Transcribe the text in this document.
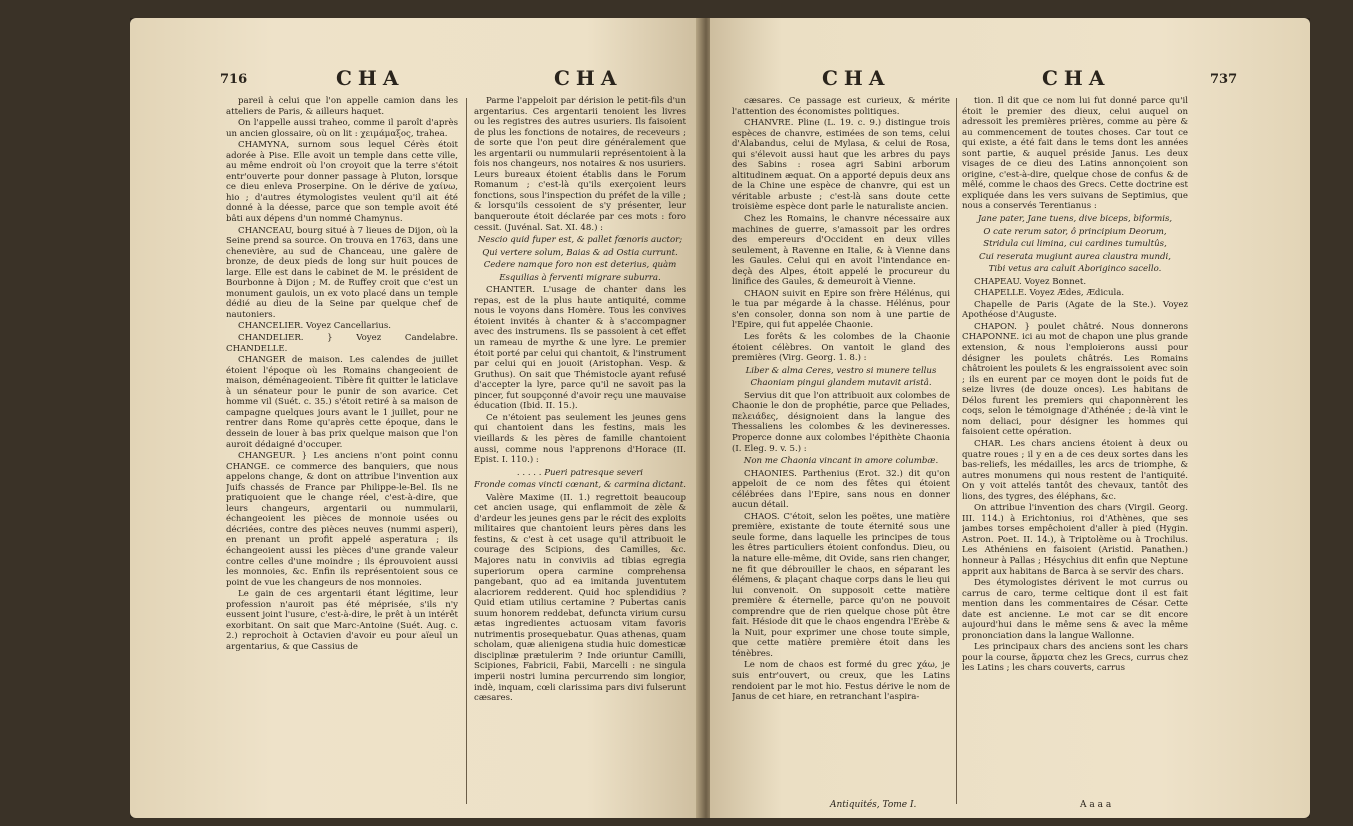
716	CHA	CHA

pareil à celui que l'on appelle camion dans les atteliers de Paris, & ailleurs haquet.

On l'appelle aussi traheo, comme il paroît d'après un ancien glossaire, où on lit : χειμάμαξος, trahea.

CHAMYNA, surnom sous lequel Cérès étoit adorée à Pise. Elle avoit un temple dans cette ville, au même endroit où l'on croyoit que la terre s'étoit entr'ouverte pour donner passage à Pluton, lorsque ce dieu enleva Proserpine. On le dérive de χαίνω, hio ; d'autres étymologistes veulent qu'il ait été donné à la déesse, parce que son temple avoit été bâti aux dépens d'un nommé Chamynus.

CHANCEAU, bourg situé à 7 lieues de Dijon, où la Seine prend sa source. On trouva en 1763, dans une chenevière, au sud de Chanceau, une galère de bronze, de deux pieds de long sur huit pouces de large. Elle est dans le cabinet de M. le président de Bourbonne à Dijon ; M. de Ruffey croit que c'est un monument gaulois, un ex voto placé dans un temple dédié au dieu de la Seine par quelque chef de nautoniers.

CHANCELIER. Voyez Cancellarius.

CHANDELIER. } Voyez Candelabre. CHANDELLE.

CHANGER de maison. Les calendes de juillet étoient l'époque où les Romains changeoient de maison, déménageoient. Tibère fit quitter le laticlave à un sénateur pour le punir de son avarice. Cet homme vil (Suét. c. 35.) s'étoit retiré à sa maison de campagne quelques jours avant le 1 juillet, pour ne rentrer dans Rome qu'après cette époque, dans le dessein de louer à bas prix quelque maison que l'on auroit dédaigné d'occuper.

CHANGEUR. } Les anciens n'ont point connu CHANGE. ce commerce des banquiers, que nous appelons change, & dont on attribue l'invention aux Juifs chassés de France par Philippe-le-Bel. Ils ne pratiquoient que le change réel, c'est-à-dire, que leurs changeurs, argentarii ou nummularii, échangeoient les pièces de monnoie usées ou décriées, contre des pièces neuves (nummi asperi), en prenant un profit appelé asperatura ; ils échangeoient aussi les pièces d'une grande valeur contre celles d'une moindre ; ils éprouvoient aussi les monnoies, &c. Enfin ils représentoient sous ce point de vue les changeurs de nos monnoies.

Le gain de ces argentarii étant légitime, leur profession n'auroit pas été méprisée, s'ils n'y eussent joint l'usure, c'est-à-dire, le prêt à un intérêt exorbitant. On sait que Marc-Antoine (Suét. Aug. c. 2.) reprochoit à Octavien d'avoir eu pour aïeul un argentarius, & que Cassius de

Parme l'appeloit par dérision le petit-fils d'un argentarius. Ces argentarii tenoient les livres ou les registres des autres usuriers. Ils faisoient de plus les fonctions de notaires, de receveurs ; de sorte que l'on peut dire généralement que les argentarii ou nummularii représentoient à la fois nos changeurs, nos notaires & nos usuriers. Leurs bureaux étoient établis dans le Forum Romanum ; c'est-là qu'ils exerçoient leurs fonctions, sous l'inspection du préfet de la ville ; & lorsqu'ils cessoient de s'y présenter, leur banqueroute étoit déclarée par ces mots : foro cessit. (Juvénal. Sat. XI. 48.) :

Nescio quid fuper est, & pallet fœnoris auctor;

Qui vertere solum, Baias & ad Ostia currunt.

Cedere namque foro non est deterius, quàm

Esquilias à ferventi migrare suburra.

CHANTER. L'usage de chanter dans les repas, est de la plus haute antiquité, comme nous le voyons dans Homère. Tous les convives étoient invités à chanter & à s'accompagner avec des instrumens. Ils se passoient à cet effet un rameau de myrthe & une lyre. Le premier étoit porté par celui qui chantoit, & l'instrument par celui qui en jouoit (Aristophan. Vesp. & Gruthus). On sait que Thémistocle ayant refusé d'accepter la lyre, parce qu'il ne savoit pas la pincer, fut soupçonné d'avoir reçu une mauvaise éducation (Ibid. II. 15.).

Ce n'étoient pas seulement les jeunes gens qui chantoient dans les festins, mais les vieillards & les pères de famille chantoient aussi, comme nous l'apprenons d'Horace (II. Epist. I. 110.) :

. . . . . Pueri patresque severi

Fronde comas vincti cœnant, & carmina dictant.

Valère Maxime (II. 1.) regrettoit beaucoup cet ancien usage, qui enflammoit de zèle & d'ardeur les jeunes gens par le récit des exploits militaires que chantoient leurs pères dans les festins, & c'est à cet usage qu'il attribuoit le courage des Scipions, des Camilles, &c. Majores natu in conviviis ad tibias egregia superiorum opera carmine comprehensa pangebant, quo ad ea imitanda juventutem alacriorem redderent. Quid hoc splendidius ? Quid etiam utilius certamine ? Pubertas canis suum honorem reddebat, defuncta virium cursu ætas ingredientes actuosam vitam favoris nutrimentis prosequebatur. Quas athenas, quam scholam, quæ alienigena studia huic domesticæ disciplinæ prætulerim ? Inde oriuntur Camilli, Scipiones, Fabricii, Fabii, Marcelli : ne singula imperii nostri lumina percurrendo sim longior, indè, inquam, cœli clarissima pars divi fulserunt cæsares.

CHA	CHA	737

cæsares. Ce passage est curieux, & mérite l'attention des économistes politiques.

CHANVRE. Pline (L. 19. c. 9.) distingue trois espèces de chanvre, estimées de son tems, celui d'Alabandus, celui de Mylasa, & celui de Rosa, qui s'élevoit aussi haut que les arbres du pays des Sabins : rosea agri Sabini arborum altitudinem æquat. On a apporté depuis deux ans de la Chine une espèce de chanvre, qui est un véritable arbuste ; c'est-là sans doute cette troisième espèce dont parle le naturaliste ancien.

Chez les Romains, le chanvre nécessaire aux machines de guerre, s'amassoit par les ordres des empereurs d'Occident en deux villes seulement, à Ravenne en Italie, & à Vienne dans les Gaules. Celui qui en avoit l'intendance en-deçà des Alpes, étoit appelé le procureur du linifice des Gaules, & demeuroit à Vienne.

CHAON suivit en Epire son frère Hélénus, qui le tua par mégarde à la chasse. Hélénus, pour s'en consoler, donna son nom à une partie de l'Epire, qui fut appelée Chaonie.

Les forêts & les colombes de la Chaonie étoient célèbres. On vantoit le gland des premières (Virg. Georg. 1. 8.) :

Liber & alma Ceres, vestro si munere tellus

Chaoniam pingui glandem mutavit aristâ.

Servius dit que l'on attribuoit aux colombes de Chaonie le don de prophétie, parce que Peliades, πελειάδες, désignoient dans la langue des Thessaliens les colombes & les devineresses. Properce donne aux colombes l'épithète Chaonia (I. Eleg. 9. v. 5.) :

Non me Chaonia vincant in amore columbæ.

CHAONIES. Parthenius (Erot. 32.) dit qu'on appeloit de ce nom des fêtes qui étoient célébrées dans l'Epire, sans nous en donner aucun détail.

CHAOS. C'étoit, selon les poëtes, une matière première, existante de toute éternité sous une seule forme, dans laquelle les principes de tous les êtres particuliers étoient confondus. Dieu, ou la nature elle-même, dit Ovide, sans rien changer, ne fit que débrouiller le chaos, en séparant les élémens, & plaçant chaque corps dans le lieu qui lui convenoit. On supposoit cette matière première & éternelle, parce qu'on ne pouvoit comprendre que de rien quelque chose pût être fait. Hésiode dit que le chaos engendra l'Erèbe & la Nuit, pour exprimer une chose toute simple, que cette matière première étoit dans les ténèbres.

Le nom de chaos est formé du grec χάω, je suis entr'ouvert, ou creux, que les Latins rendoient par le mot hio. Festus dérive le nom de Janus de cet hiare, en retranchant l'aspira-

tion. Il dit que ce nom lui fut donné parce qu'il étoit le premier des dieux, celui auquel on adressoit les premières prières, comme au père & au commencement de toutes choses. Car tout ce qui existe, a été fait dans le tems dont les années sont partie, & auquel préside Janus. Les deux visages de ce dieu des Latins annonçoient son origine, c'est-à-dire, quelque chose de confus & de mêlé, comme le chaos des Grecs. Cette doctrine est expliquée dans les vers suivans de Septimius, que nous a conservés Terentianus :

Jane pater, Jane tuens, dive biceps, biformis,

O cate rerum sator, ô principium Deorum,

Stridula cui limina, cui cardines tumultûs,

Cui reserata mugiunt aurea claustra mundi,

Tibi vetus ara caluit Aboriginco sacello.

CHAPEAU. Voyez Bonnet.

CHAPELLE. Voyez Ædes, Ædicula.

Chapelle de Paris (Agate de la Ste.). Voyez Apothéose d'Auguste.

CHAPON. } poulet châtré. Nous donnerons CHAPONNE. ici au mot de chapon une plus grande extension, & nous l'emploierons aussi pour désigner les poulets châtrés. Les Romains châtroient les poulets & les engraissoient avec soin ; ils en eurent par ce moyen dont le poids fut de seize livres (de douze onces). Les habitans de Délos furent les premiers qui chaponnèrent les coqs, selon le témoignage d'Athénée ; de-là vint le nom deliaci, pour désigner les hommes qui faisoient cette opération.

CHAR. Les chars anciens étoient à deux ou quatre roues ; il y en a de ces deux sortes dans les bas-reliefs, les médailles, les arcs de triomphe, & autres monumens qui nous restent de l'antiquité. On y voit attelés tantôt des chevaux, tantôt des lions, des tygres, des éléphans, &c.

On attribue l'invention des chars (Virgil. Georg. III. 114.) à Erichtonius, roi d'Athènes, que ses jambes torses empêchoient d'aller à pied (Hygin. Astron. Poet. II. 14.), à Triptolème ou à Trochilus. Les Athéniens en faisoient (Aristid. Panathen.) honneur à Pallas ; Hésychius dit enfin que Neptune apprit aux habitans de Barca à se servir des chars.

Des étymologistes dérivent le mot currus ou carrus de caro, terme celtique dont il est fait mention dans les commentaires de César. Cette date est ancienne. Le mot car se dit encore aujourd'hui dans le même sens & avec la même prononciation dans la langue Wallonne.

Les principaux chars des anciens sont les chars pour la course, ἅρματα chez les Grecs, currus chez les Latins ; les chars couverts, carrus

Antiquités, Tome I.	A a a a
